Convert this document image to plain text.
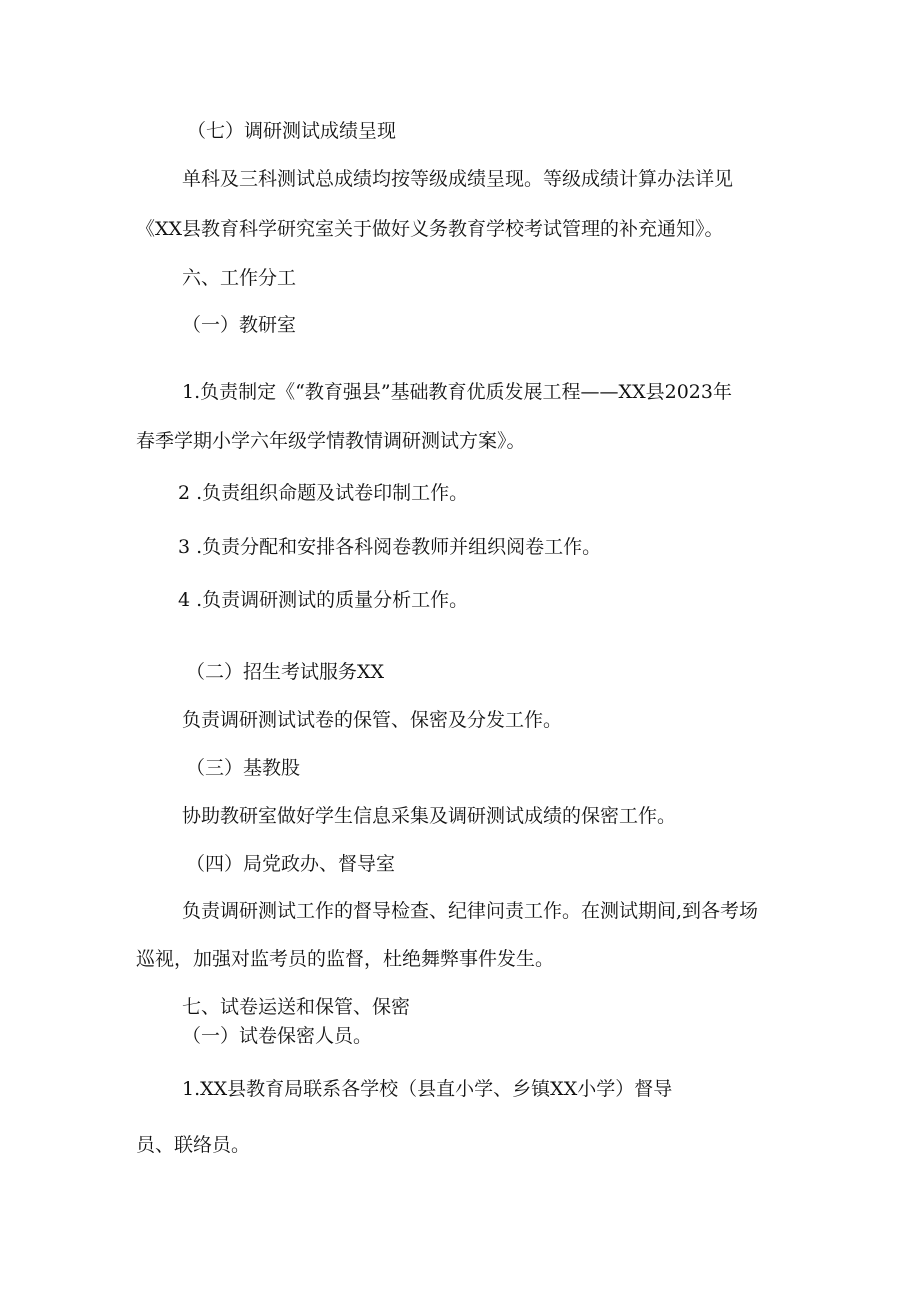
（七）调研测试成绩呈现
单科及三科测试总成绩均按等级成绩呈现。等级成绩计算办法详见
《XX县教育科学研究室关于做好义务教育学校考试管理的补充通知》。
六、工作分工
（一）教研室
1.负责制定《“教育强县”基础教育优质发展工程——XX县2023年
春季学期小学六年级学情教情调研测试方案》。
2 .负责组织命题及试卷印制工作。
3 .负责分配和安排各科阅卷教师并组织阅卷工作。
4 .负责调研测试的质量分析工作。
（二）招生考试服务XX
负责调研测试试卷的保管、保密及分发工作。
（三）基教股
协助教研室做好学生信息采集及调研测试成绩的保密工作。
（四）局党政办、督导室
负责调研测试工作的督导检查、纪律问责工作。在测试期间,到各考场
巡视，加强对监考员的监督，杜绝舞弊事件发生。
七、试卷运送和保管、保密
（一）试卷保密人员。
1.XX县教育局联系各学校（县直小学、乡镇XX小学）督导
员、联络员。
